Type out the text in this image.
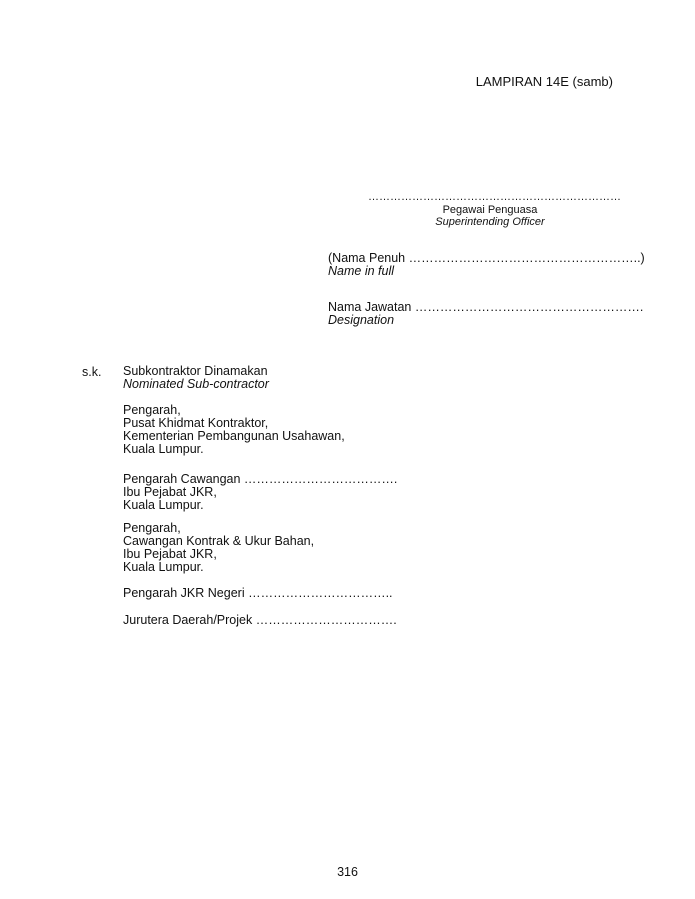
LAMPIRAN 14E (samb)
……………………………………………………………
Pegawai Penguasa
Superintending Officer
(Nama Penuh ………………………………………………..)
Name in full
Nama Jawatan ……………………………………………….
Designation
s.k. Subkontraktor Dinamakan
Nominated Sub-contractor
Pengarah,
Pusat Khidmat Kontraktor,
Kementerian Pembangunan Usahawan,
Kuala Lumpur.
Pengarah Cawangan ……………………………….
Ibu Pejabat JKR,
Kuala Lumpur.
Pengarah,
Cawangan Kontrak & Ukur Bahan,
Ibu Pejabat JKR,
Kuala Lumpur.
Pengarah JKR Negeri ……………………………..
Jurutera Daerah/Projek …………………………….
316
